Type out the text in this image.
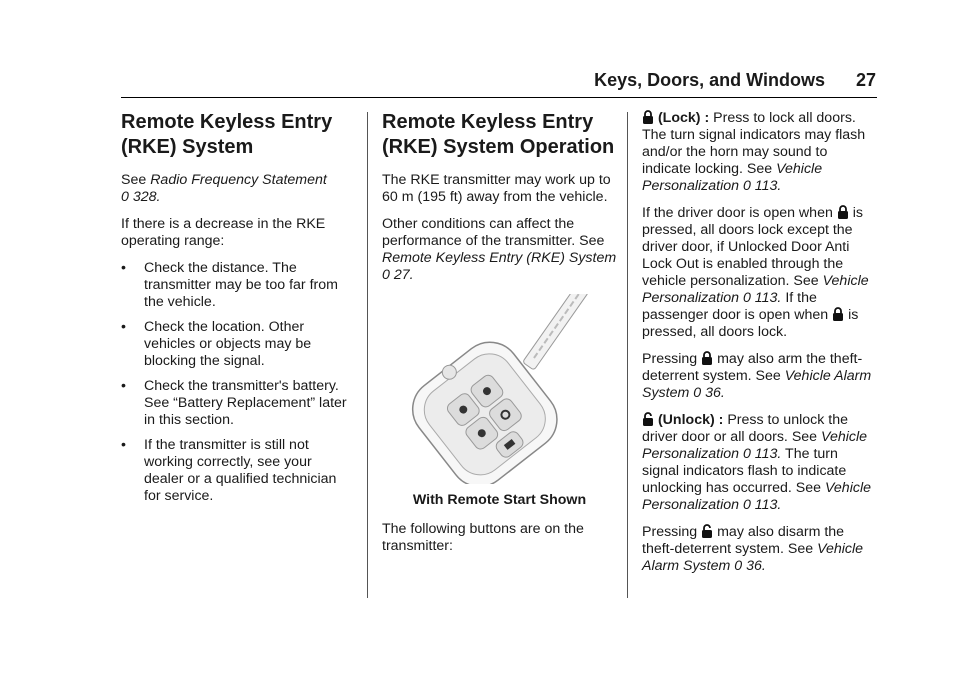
Keys, Doors, and Windows 27
Remote Keyless Entry (RKE) System

See Radio Frequency Statement
0 328.

If there is a decrease in the RKE operating range:

•	Check the distance. The transmitter may be too far from the vehicle.
•	Check the location. Other vehicles or objects may be blocking the signal.
•	Check the transmitter's battery. See “Battery Replacement” later in this section.
•	If the transmitter is still not working correctly, see your dealer or a qualified technician for service.
Remote Keyless Entry (RKE) System Operation

The RKE transmitter may work up to 60 m (195 ft) away from the vehicle.

Other conditions can affect the performance of the transmitter. See
Remote Keyless Entry (RKE) System 0 27.

With Remote Start Shown

The following buttons are on the transmitter:

(Lock) : Press to lock all doors. The turn signal indicators may flash and/or the horn may sound to indicate locking. See Vehicle Personalization 0 113.

If the driver door is open when is pressed, all doors lock except the driver door, if Unlocked Door Anti Lock Out is enabled through the vehicle personalization. See Vehicle Personalization 0 113. If the passenger door is open when is pressed, all doors lock.

Pressing may also arm the theft-deterrent system. See Vehicle Alarm System 0 36.

(Unlock) : Press to unlock the driver door or all doors. See Vehicle Personalization 0 113. The turn signal indicators flash to indicate unlocking has occurred. See Vehicle Personalization 0 113.

Pressing may also disarm the theft-deterrent system. See Vehicle Alarm System 0 36.
